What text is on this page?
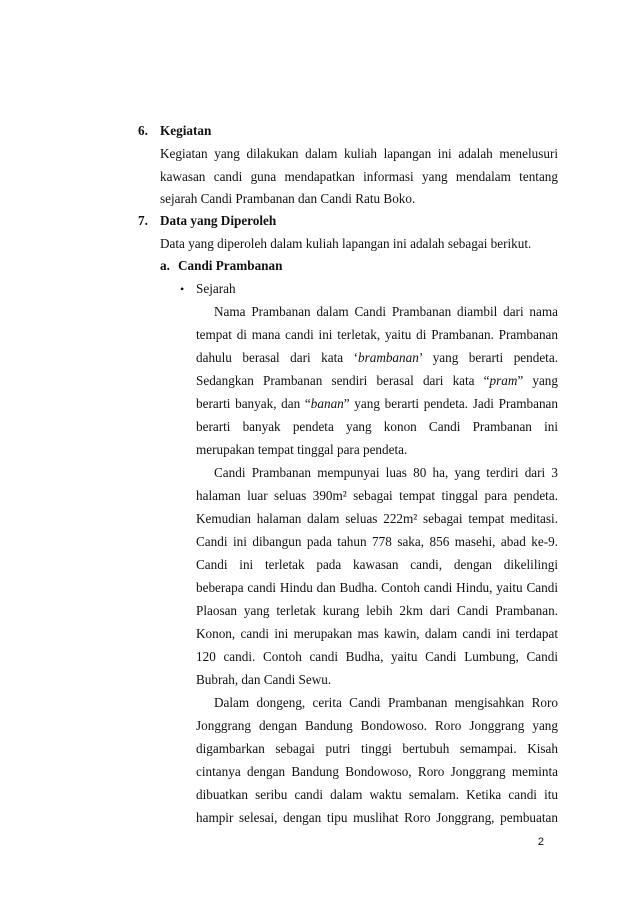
6. Kegiatan
Kegiatan yang dilakukan dalam kuliah lapangan ini adalah menelusuri
kawasan candi guna mendapatkan informasi yang mendalam tentang
sejarah Candi Prambanan dan Candi Ratu Boko.
7. Data yang Diperoleh
Data yang diperoleh dalam kuliah lapangan ini adalah sebagai berikut.
a. Candi Prambanan
• Sejarah
Nama Prambanan dalam Candi Prambanan diambil dari nama
tempat di mana candi ini terletak, yaitu di Prambanan. Prambanan
dahulu berasal dari kata ‘brambanan’ yang berarti pendeta.
Sedangkan Prambanan sendiri berasal dari kata “pram” yang
berarti banyak, dan “banan” yang berarti pendeta. Jadi Prambanan
berarti banyak pendeta yang konon Candi Prambanan ini
merupakan tempat tinggal para pendeta.
Candi Prambanan mempunyai luas 80 ha, yang terdiri dari 3
halaman luar seluas 390m² sebagai tempat tinggal para pendeta.
Kemudian halaman dalam seluas 222m² sebagai tempat meditasi.
Candi ini dibangun pada tahun 778 saka, 856 masehi, abad ke-9.
Candi ini terletak pada kawasan candi, dengan dikelilingi
beberapa candi Hindu dan Budha. Contoh candi Hindu, yaitu Candi
Plaosan yang terletak kurang lebih 2km dari Candi Prambanan.
Konon, candi ini merupakan mas kawin, dalam candi ini terdapat
120 candi. Contoh candi Budha, yaitu Candi Lumbung, Candi
Bubrah, dan Candi Sewu.
Dalam dongeng, cerita Candi Prambanan mengisahkan Roro
Jonggrang dengan Bandung Bondowoso. Roro Jonggrang yang
digambarkan sebagai putri tinggi bertubuh semampai. Kisah
cintanya dengan Bandung Bondowoso, Roro Jonggrang meminta
dibuatkan seribu candi dalam waktu semalam. Ketika candi itu
hampir selesai, dengan tipu muslihat Roro Jonggrang, pembuatan
2
